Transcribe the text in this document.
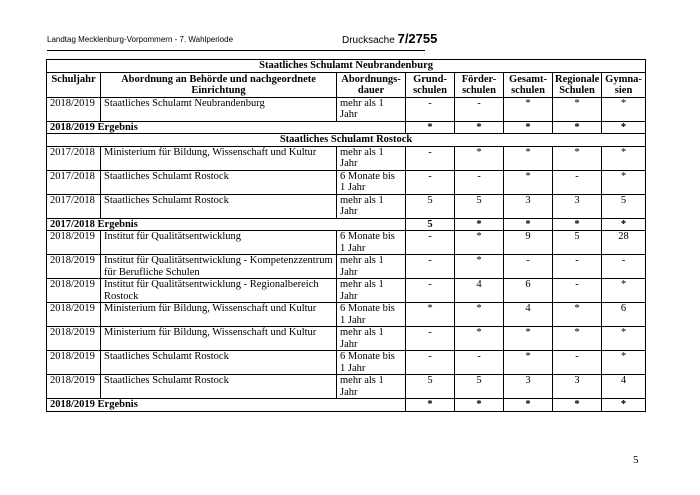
Landtag Mecklenburg-Vorpommern - 7. Wahlperiode	Drucksache 7/2755
Staatliches Schulamt Neubrandenburg							
Schuljahr	Abordnung an Behörde und nachgeordnete Einrichtung	Abordnungs-dauer	Grund-schulen	Förder-schulen	Gesamt-schulen	Regionale Schulen	Gymna-sien
2018/2019	Staatliches Schulamt Neubrandenburg	mehr als 1 Jahr	-	-	*	*	*
2018/2019 Ergebnis			*	*	*	*	*
Staatliches Schulamt Rostock							
2017/2018	Ministerium für Bildung, Wissenschaft und Kultur	mehr als 1 Jahr	-	*	*	*	*
2017/2018	Staatliches Schulamt Rostock	6 Monate bis 1 Jahr	-	-	*	-	*
2017/2018	Staatliches Schulamt Rostock	mehr als 1 Jahr	5	5	3	3	5
2017/2018 Ergebnis			5	*	*	*	*
2018/2019	Institut für Qualitätsentwicklung	6 Monate bis 1 Jahr	-	*	9	5	28
2018/2019	Institut für Qualitätsentwicklung - Kompetenzzentrum für Berufliche Schulen	mehr als 1 Jahr	-	*	-	-	-
2018/2019	Institut für Qualitätsentwicklung - Regionalbereich Rostock	mehr als 1 Jahr	-	4	6	-	*
2018/2019	Ministerium für Bildung, Wissenschaft und Kultur	6 Monate bis 1 Jahr	*	*	4	*	6
2018/2019	Ministerium für Bildung, Wissenschaft und Kultur	mehr als 1 Jahr	-	*	*	*	*
2018/2019	Staatliches Schulamt Rostock	6 Monate bis 1 Jahr	-	-	*	-	*
2018/2019	Staatliches Schulamt Rostock	mehr als 1 Jahr	5	5	3	3	4
2018/2019 Ergebnis			*	*	*	*	*
5
